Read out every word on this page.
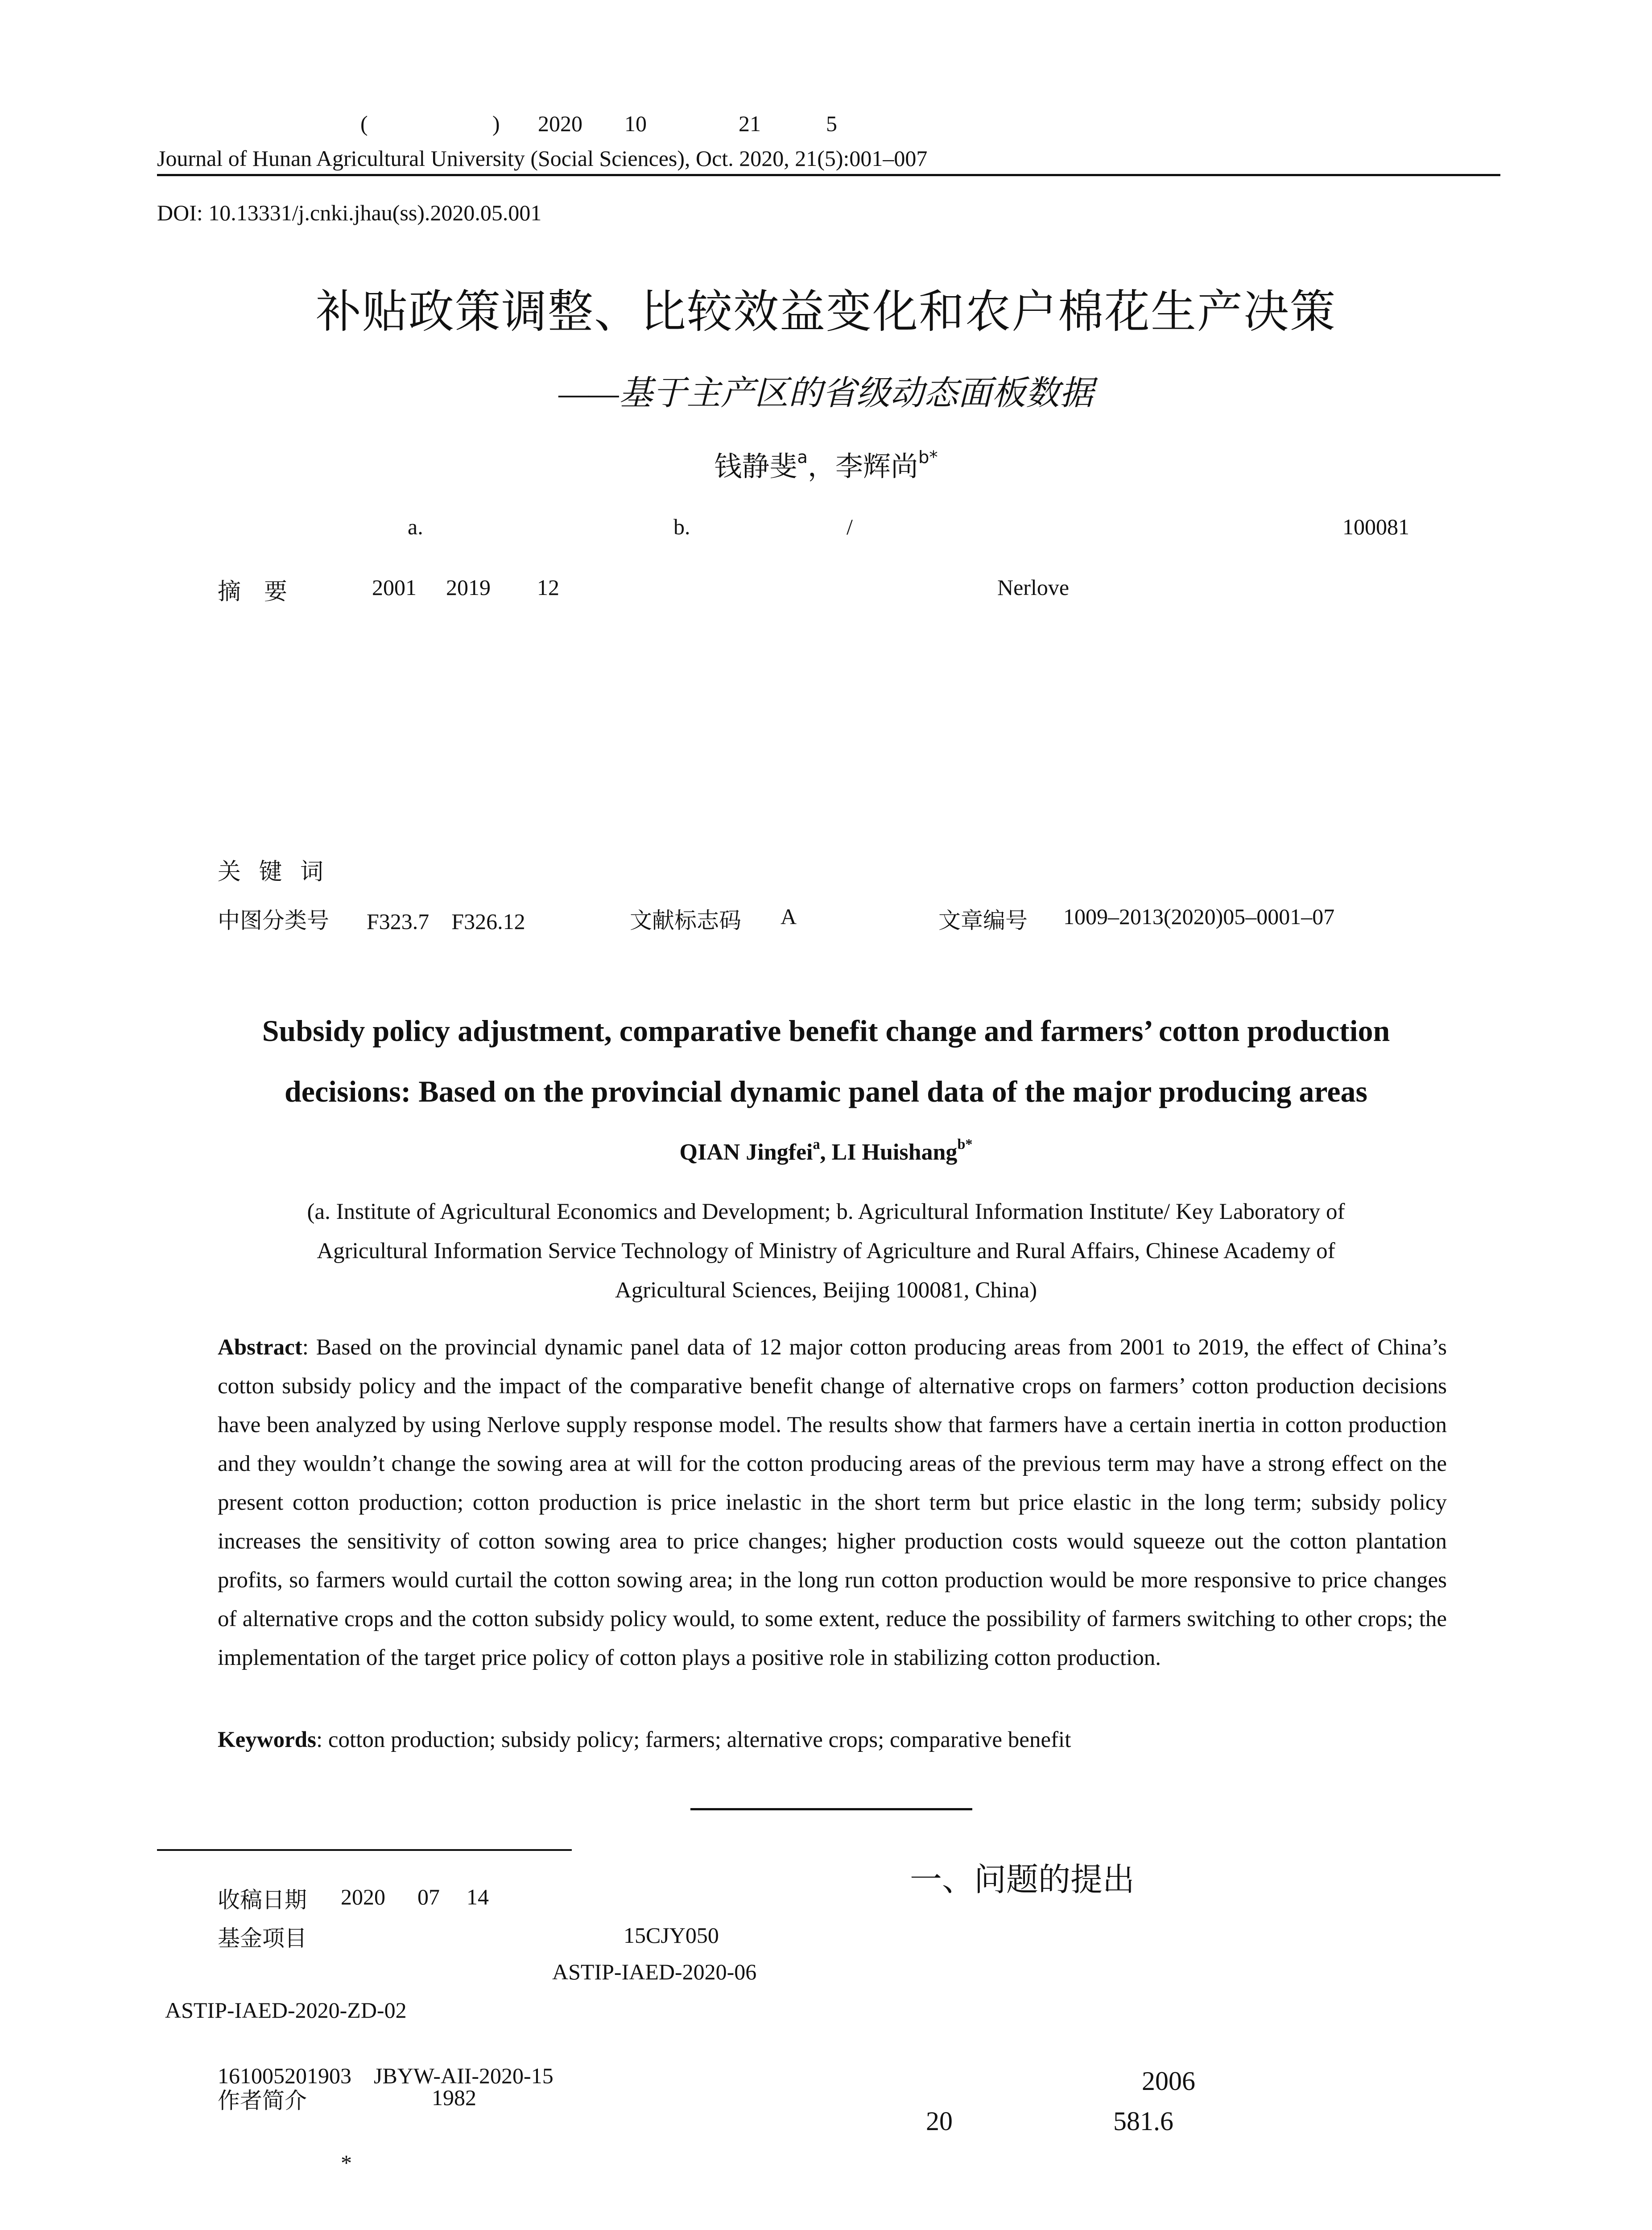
(	) 2020 10	21	5
Journal of Hunan Agricultural University (Social Sciences), Oct. 2020, 21(5):001–007
DOI: 10.13331/j.cnki.jhau(ss).2020.05.001
补贴政策调整、比较效益变化和农户棉花生产决策
——基于主产区的省级动态面板数据
钱静斐$^a$，李辉尚$^{b*}$
a.	b.	/	100081
摘　要	2001 2019 12	Nerlove
关 键 词
中图分类号 F323.7　F326.12	文献标志码 A	文章编号 1009–2013(2020)05–0001–07
Subsidy policy adjustment, comparative benefit change and farmers’ cotton production
decisions: Based on the provincial dynamic panel data of the major producing areas
QIAN Jingfei$^a$, LI Huishang$^{b*}$
(a. Institute of Agricultural Economics and Development; b. Agricultural Information Institute/ Key Laboratory of
Agricultural Information Service Technology of Ministry of Agriculture and Rural Affairs, Chinese Academy of
Agricultural Sciences, Beijing 100081, China)
Abstract: Based on the provincial dynamic panel data of 12 major cotton producing areas from 2001 to 2019, the effect of China’s cotton subsidy policy and the impact of the comparative benefit change of alternative crops on farmers’ cotton production decisions have been analyzed by using Nerlove supply response model. The results show that farmers have a certain inertia in cotton production and they wouldn’t change the sowing area at will for the cotton producing areas of the previous term may have a strong effect on the present cotton production; cotton production is price inelastic in the short term but price elastic in the long term; subsidy policy increases the sensitivity of cotton sowing area to price changes; higher production costs would squeeze out the cotton plantation profits, so farmers would curtail the cotton sowing area; in the long run cotton production would be more responsive to price changes of alternative crops and the cotton subsidy policy would, to some extent, reduce the possibility of farmers switching to other crops; the implementation of the target price policy of cotton plays a positive role in stabilizing cotton production.
Keywords: cotton production; subsidy policy; farmers; alternative crops; comparative benefit
收稿日期 2020 07 14
基金项目	15CJY050
ASTIP-IAED-2020-06
ASTIP-IAED-2020-ZD-02
161005201903　JBYW-AII-2020-15
作者简介	1982
*
一、问题的提出
2006
20	581.6
